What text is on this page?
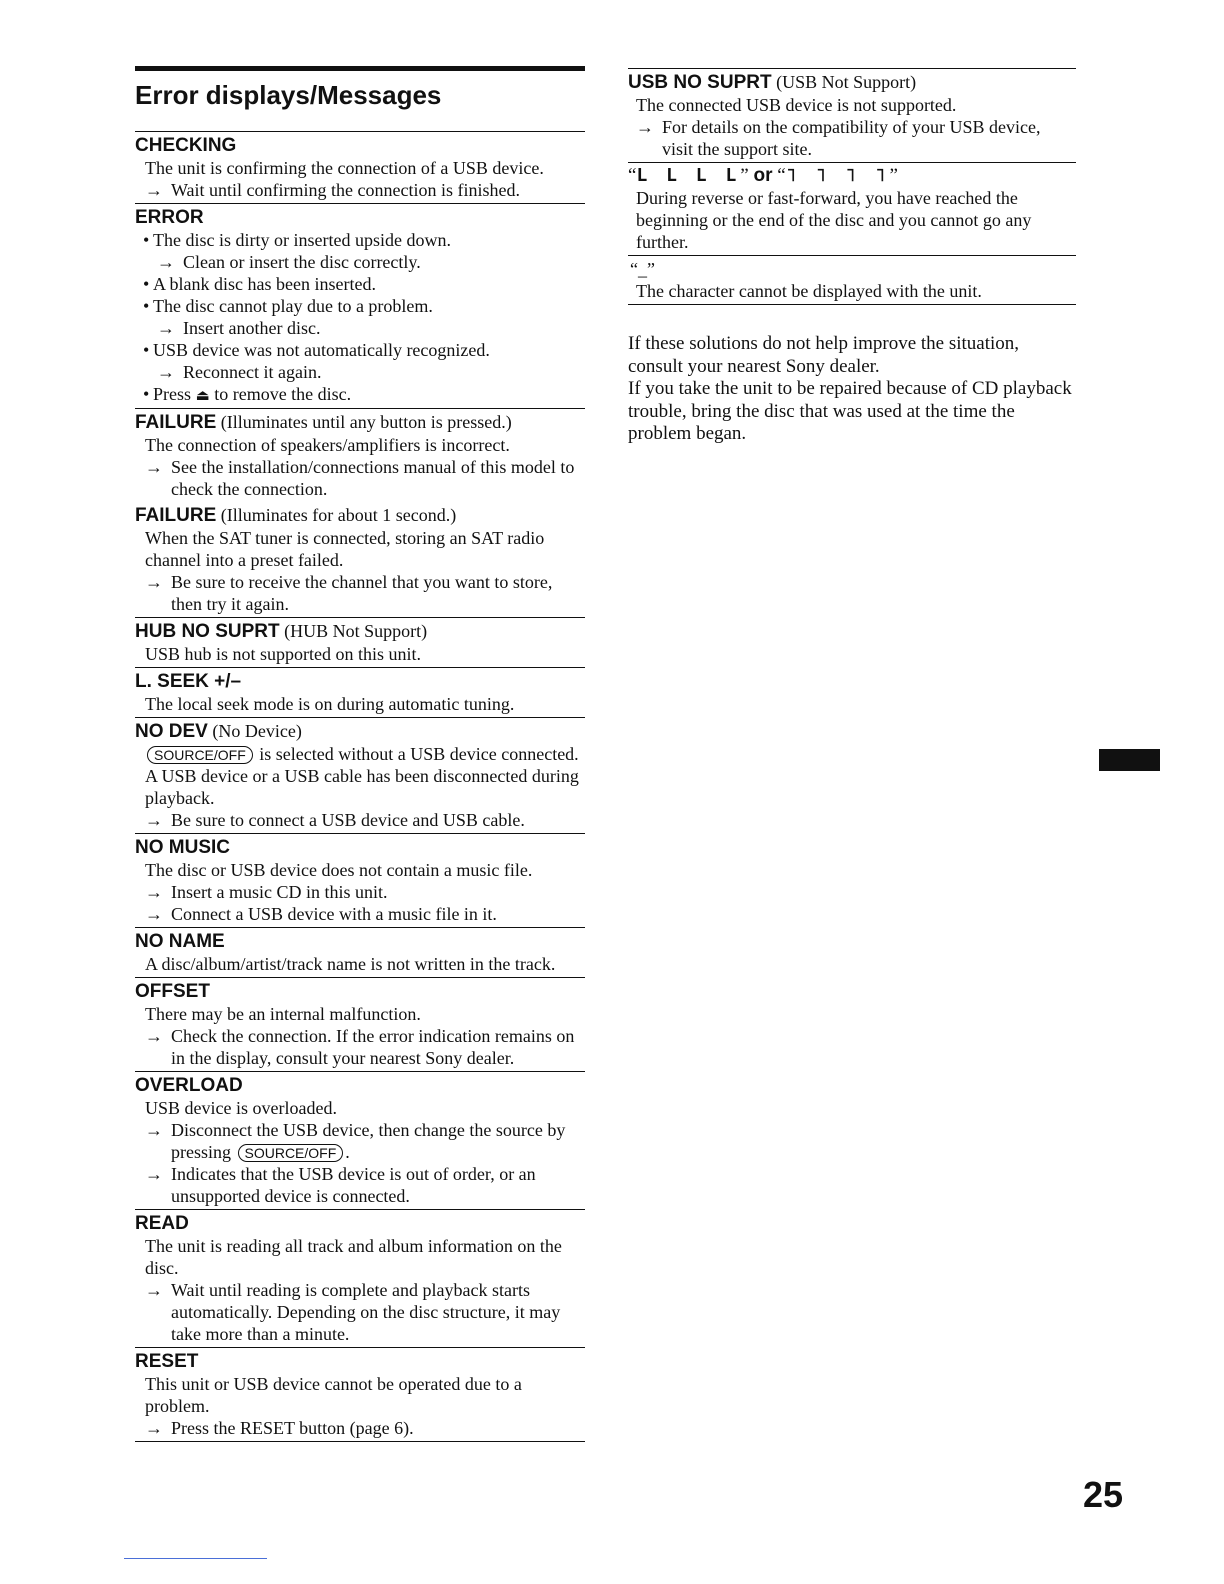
Error displays/Messages
CHECKING
The unit is confirming the connection of a USB device.
→ Wait until confirming the connection is finished.
ERROR
• The disc is dirty or inserted upside down.
→ Clean or insert the disc correctly.
• A blank disc has been inserted.
• The disc cannot play due to a problem.
→ Insert another disc.
• USB device was not automatically recognized.
→ Reconnect it again.
• Press ⏏ to remove the disc.
FAILURE (Illuminates until any button is pressed.)
The connection of speakers/amplifiers is incorrect.
→ See the installation/connections manual of this model to check the connection.
FAILURE (Illuminates for about 1 second.)
When the SAT tuner is connected, storing an SAT radio channel into a preset failed.
→ Be sure to receive the channel that you want to store, then try it again.
HUB NO SUPRT (HUB Not Support)
USB hub is not supported on this unit.
L. SEEK +/–
The local seek mode is on during automatic tuning.
NO DEV (No Device)
SOURCE/OFF is selected without a USB device connected. A USB device or a USB cable has been disconnected during playback.
→ Be sure to connect a USB device and USB cable.
NO MUSIC
The disc or USB device does not contain a music file.
→ Insert a music CD in this unit.
→ Connect a USB device with a music file in it.
NO NAME
A disc/album/artist/track name is not written in the track.
OFFSET
There may be an internal malfunction.
→ Check the connection. If the error indication remains on in the display, consult your nearest Sony dealer.
OVERLOAD
USB device is overloaded.
→ Disconnect the USB device, then change the source by pressing SOURCE/OFF .
→ Indicates that the USB device is out of order, or an unsupported device is connected.
READ
The unit is reading all track and album information on the disc.
→ Wait until reading is complete and playback starts automatically. Depending on the disc structure, it may take more than a minute.
RESET
This unit or USB device cannot be operated due to a problem.
→ Press the RESET button (page 6).
USB NO SUPRT (USB Not Support)
The connected USB device is not supported.
→ For details on the compatibility of your USB device, visit the support site.
“L L L L” or “˥ ˥ ˥ ˥”
During reverse or fast-forward, you have reached the beginning or the end of the disc and you cannot go any further.
“_”
The character cannot be displayed with the unit.
If these solutions do not help improve the situation, consult your nearest Sony dealer.
If you take the unit to be repaired because of CD playback trouble, bring the disc that was used at the time the problem began.
25
